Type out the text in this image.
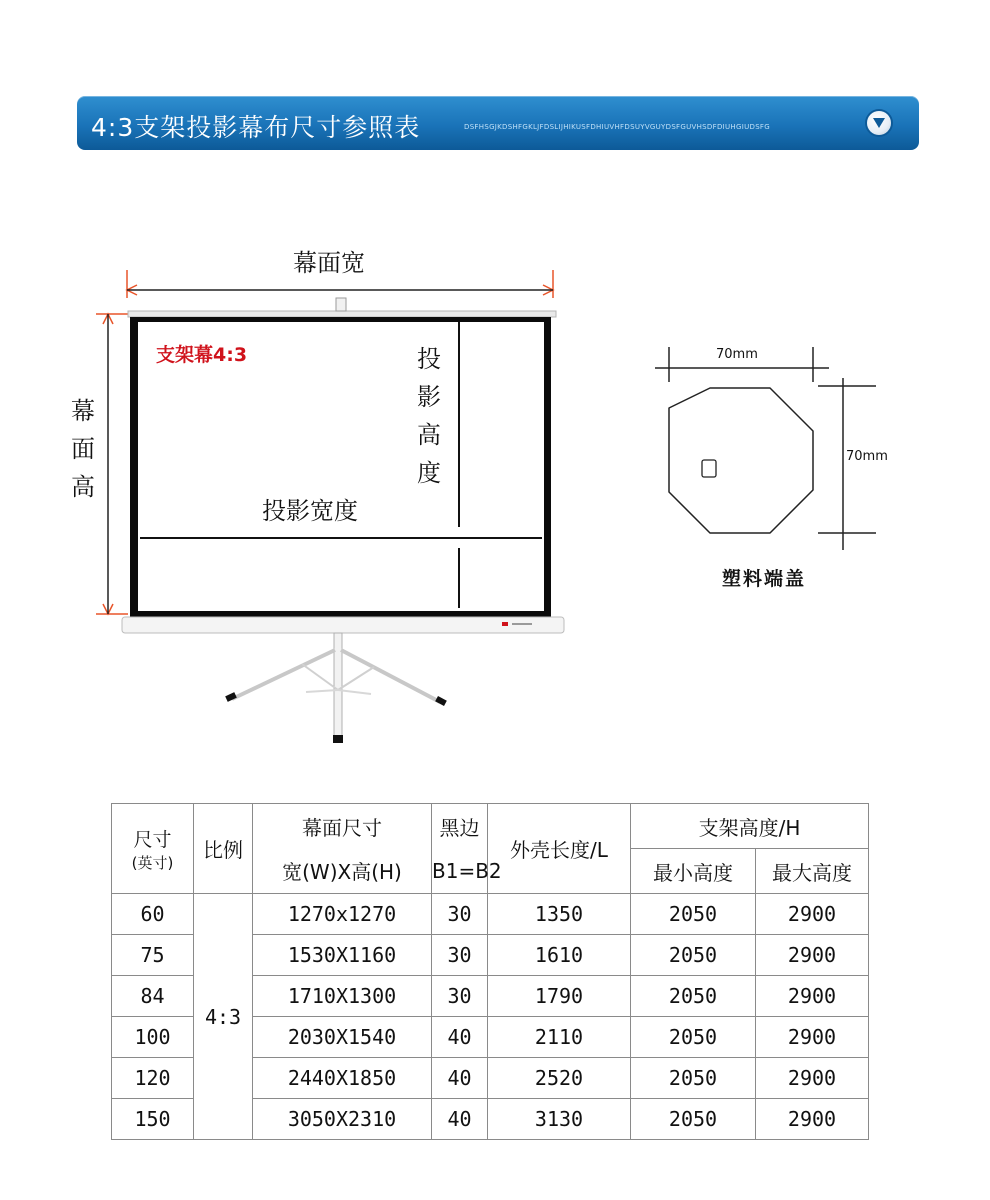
4:3支架投影幕布尺寸参照表	DSFHSGJKDSHFGKLJFDSLIJHIKUSFDHIUVHFDSUYVGUYDSFGUVHSDFDIUHGIUDSFG
幕面宽
幕
面
高
支架幕4:3	投
影
高
度
投影宽度
70mm
70mm
塑料端盖
尺寸
(英寸)	比例	幕面尺寸	黑边	外壳长度/L	支架高度/H	
		宽(W)X高(H)	B1=B2		最小高度	最大高度
60	4:3	1270x1270	30	1350	2050	2900
75		1530X1160	30	1610	2050	2900
84		1710X1300	30	1790	2050	2900
100		2030X1540	40	2110	2050	2900
120		2440X1850	40	2520	2050	2900
150		3050X2310	40	3130	2050	2900
